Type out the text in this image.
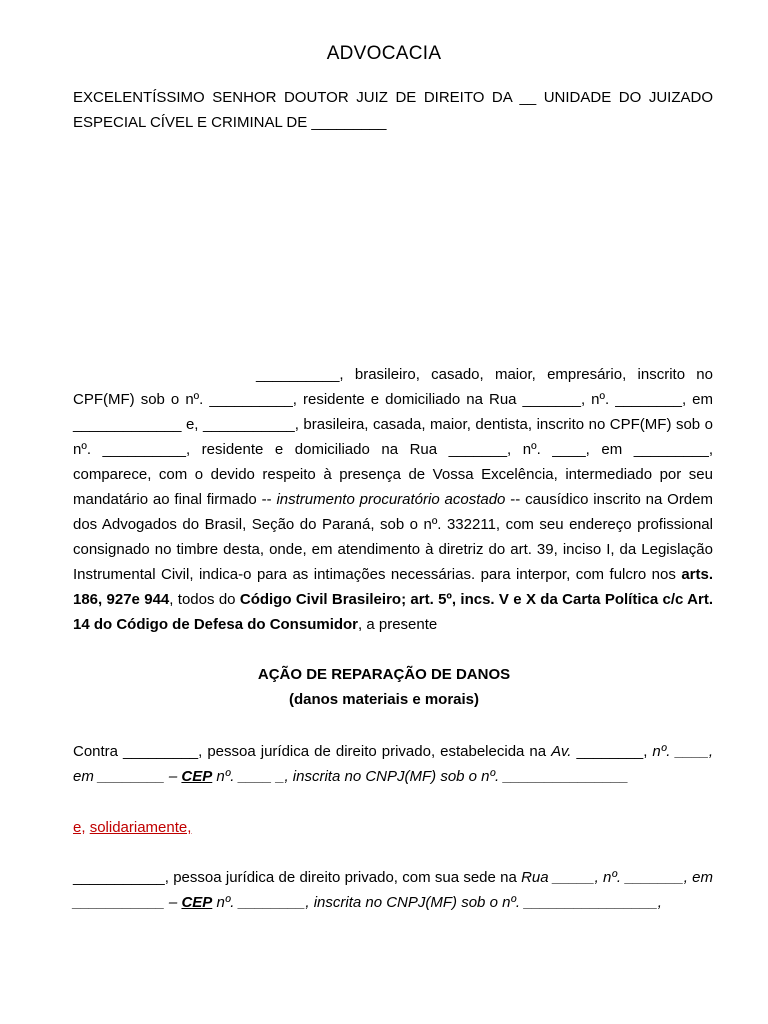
ADVOCACIA
EXCELENTÍSSIMO SENHOR DOUTOR JUIZ DE DIREITO DA __ UNIDADE DO JUIZADO ESPECIAL CÍVEL E CRIMINAL DE _________
__________, brasileiro, casado, maior, empresário, inscrito no CPF(MF) sob o nº. __________, residente e domiciliado na Rua _______, nº. ________, em _____________ e, ___________, brasileira, casada, maior, dentista, inscrito no CPF(MF) sob o nº. __________, residente e domiciliado na Rua _______, nº. ____, em _________, comparece, com o devido respeito à presença de Vossa Excelência, intermediado por seu mandatário ao final firmado -- instrumento procuratório acostado -- causídico inscrito na Ordem dos Advogados do Brasil, Seção do Paraná, sob o nº. 332211, com seu endereço profissional consignado no timbre desta, onde, em atendimento à diretriz do art. 39, inciso I, da Legislação Instrumental Civil, indica-o para as intimações necessárias. para interpor, com fulcro nos arts. 186, 927e 944, todos do Código Civil Brasileiro; art. 5º, incs. V e X da Carta Política c/c Art. 14 do Código de Defesa do Consumidor, a presente
AÇÃO DE REPARAÇÃO DE DANOS
(danos materiais e morais)
Contra _________, pessoa jurídica de direito privado, estabelecida na Av. ________, nº. ____, em ________ – CEP nº. ____ _, inscrita no CNPJ(MF) sob o nº. _______________
e, solidariamente,
___________, pessoa jurídica de direito privado, com sua sede na Rua _____, nº. _______, em ___________ – CEP nº. ________, inscrita no CNPJ(MF) sob o nº. ________________,
